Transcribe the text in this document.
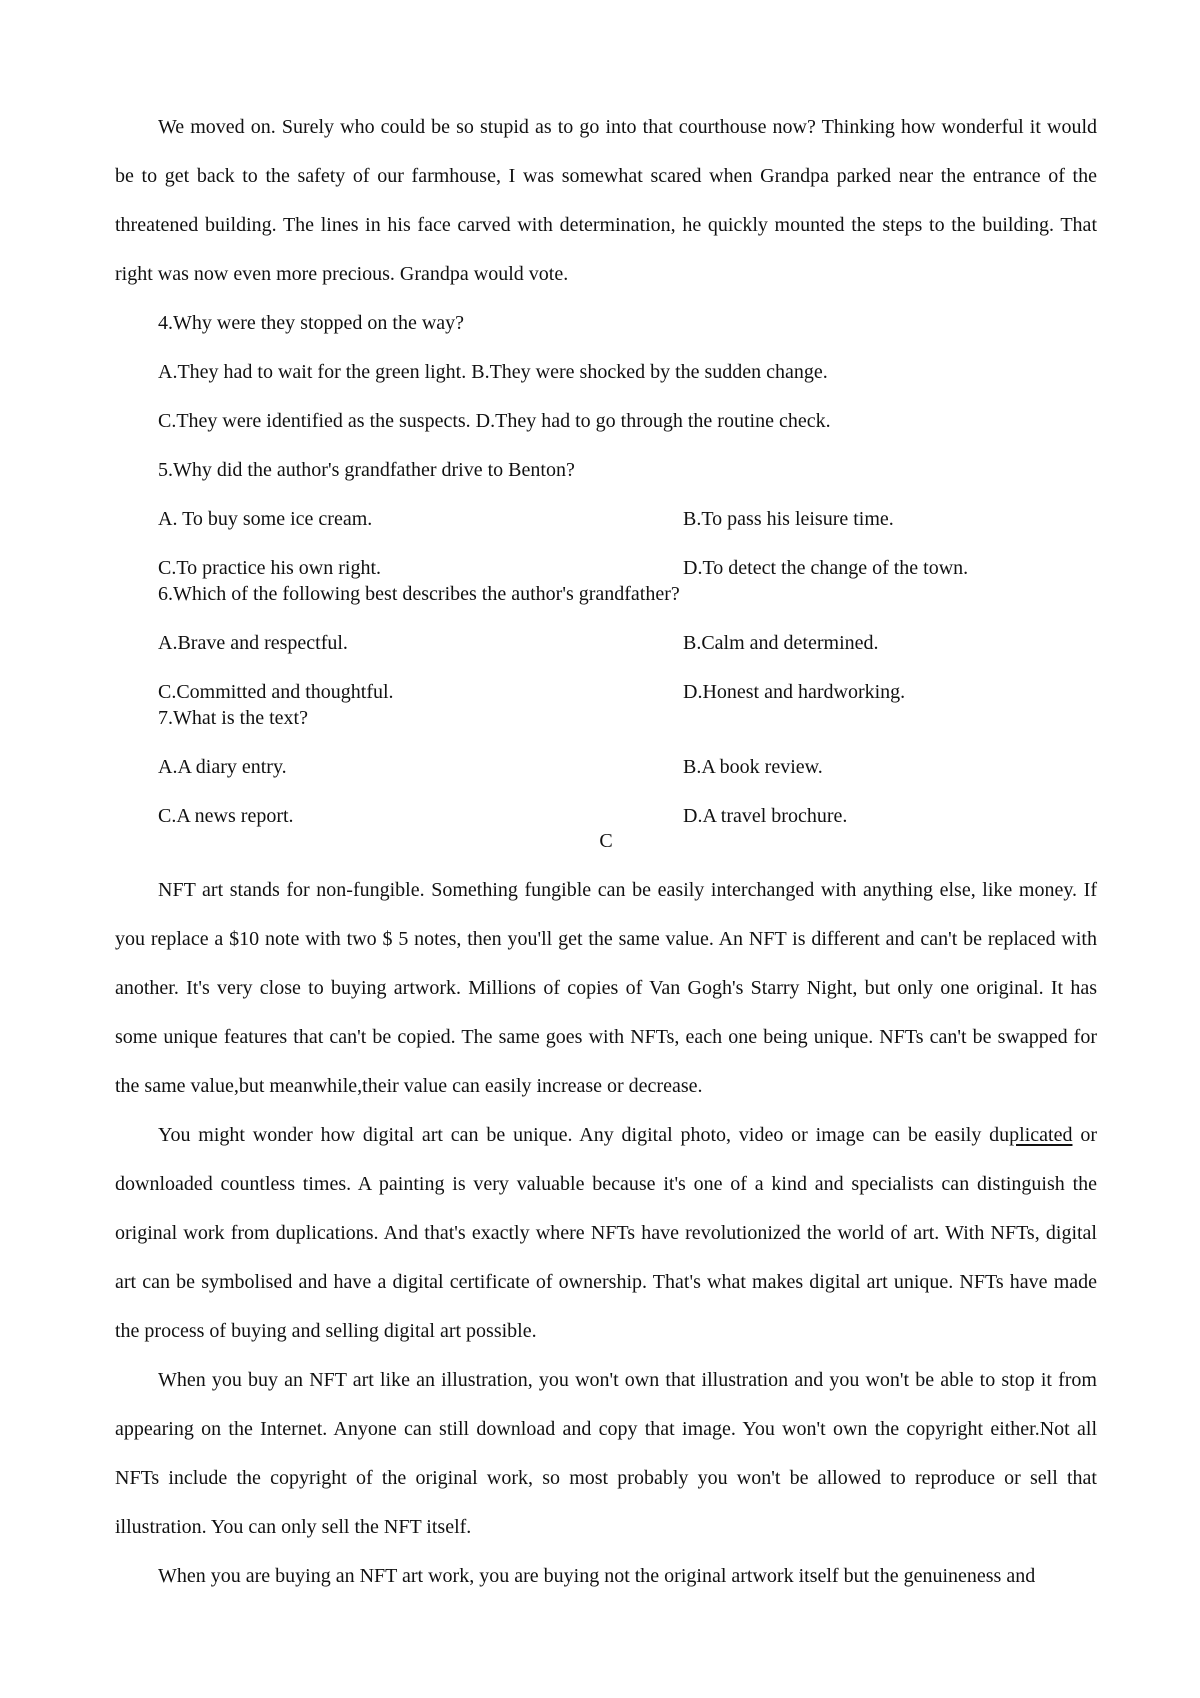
We moved on. Surely who could be so stupid as to go into that courthouse now? Thinking how wonderful it would be to get back to the safety of our farmhouse, I was somewhat scared when Grandpa parked near the entrance of the threatened building. The lines in his face carved with determination, he quickly mounted the steps to the building. That right was now even more precious. Grandpa would vote.

4.Why were they stopped on the way?

A.They had to wait for the green light. B.They were shocked by the sudden change.

C.They were identified as the suspects. D.They had to go through the routine check.

5.Why did the author's grandfather drive to Benton?

A. To buy some ice cream.	B.To pass his leisure time.
C.To practice his own right.	D.To detect the change of the town.

6.Which of the following best describes the author's grandfather?

A.Brave and respectful.	B.Calm and determined.
C.Committed and thoughtful.	D.Honest and hardworking.

7.What is the text?

A.A diary entry.	B.A book review.
C.A news report.	D.A travel brochure.

C

NFT art stands for non-fungible. Something fungible can be easily interchanged with anything else, like money. If you replace a $10 note with two $ 5 notes, then you'll get the same value. An NFT is different and can't be replaced with another. It's very close to buying artwork. Millions of copies of Van Gogh's Starry Night, but only one original. It has some unique features that can't be copied. The same goes with NFTs, each one being unique. NFTs can't be swapped for the same value,but meanwhile,their value can easily increase or decrease.

You might wonder how digital art can be unique. Any digital photo, video or image can be easily duplicated or downloaded countless times. A painting is very valuable because it's one of a kind and specialists can distinguish the original work from duplications. And that's exactly where NFTs have revolutionized the world of art. With NFTs, digital art can be symbolised and have a digital certificate of ownership. That's what makes digital art unique. NFTs have made the process of buying and selling digital art possible.

When you buy an NFT art like an illustration, you won't own that illustration and you won't be able to stop it from appearing on the Internet. Anyone can still download and copy that image. You won't own the copyright either.Not all NFTs include the copyright of the original work, so most probably you won't be allowed to reproduce or sell that illustration. You can only sell the NFT itself.

When you are buying an NFT art work, you are buying not the original artwork itself but the genuineness and
